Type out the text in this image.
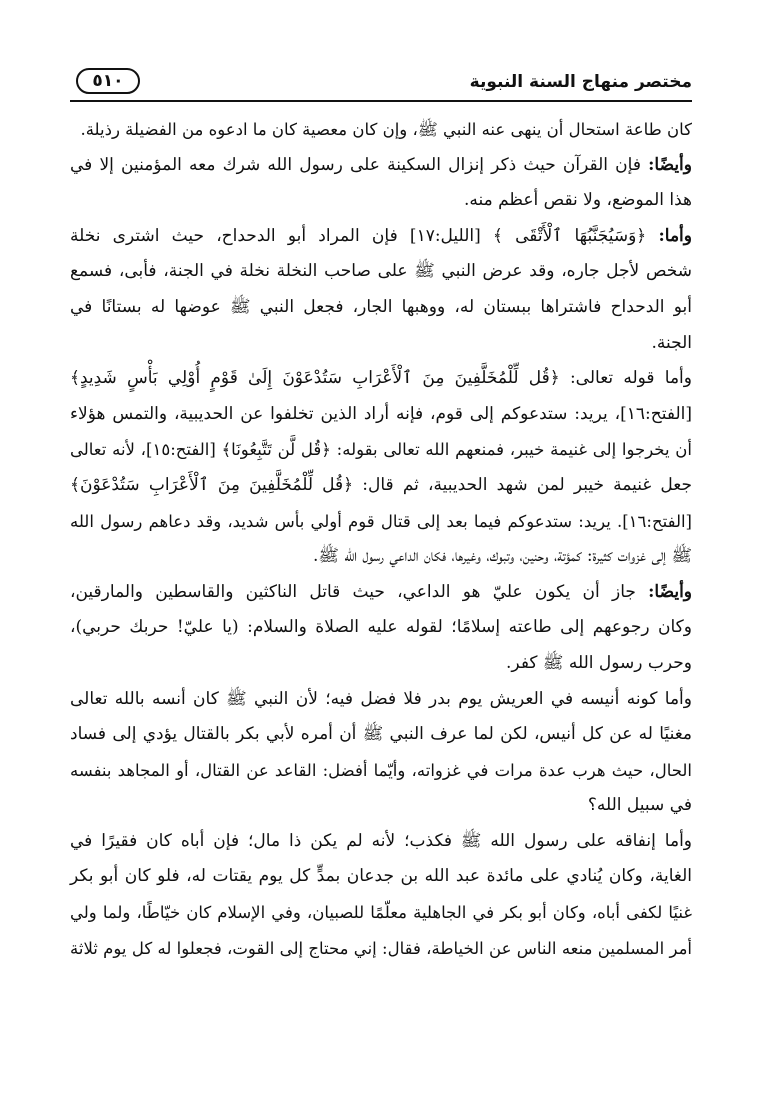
٥١٠	مختصر منهاج السنة النبوية

كان طاعة استحال أن ينهى عنه النبي ﷺ، وإن كان معصية كان ما ادعوه من الفضيلة رذيلة.

وأيضًا: فإن القرآن حيث ذكر إنزال السكينة على رسول الله شرك معه المؤمنين إلا في
هذا الموضع، ولا نقص أعظم منه.

وأما: ﴿وَسَيُجَنَّبُهَا ٱلْأَتْقَى ﴾ [الليل:١٧] فإن المراد أبو الدحداح، حيث اشترى نخلة
شخص لأجل جاره، وقد عرض النبي ﷺ على صاحب النخلة نخلة في الجنة، فأبى، فسمع
أبو الدحداح فاشتراها ببستان له، ووهبها الجار، فجعل النبي ﷺ عوضها له بستانًا في
الجنة.

وأما قوله تعالى: ﴿قُل لِّلْمُخَلَّفِينَ مِنَ ٱلْأَعْرَابِ سَتُدْعَوْنَ إِلَىٰ قَوْمٍ أُوْلِي بَأْسٍ شَدِيدٍ﴾
[الفتح:١٦]، يريد: ستدعوكم إلى قوم، فإنه أراد الذين تخلفوا عن الحديبية، والتمس هؤلاء
أن يخرجوا إلى غنيمة خيبر، فمنعهم الله تعالى بقوله: ﴿قُل لَّن تَتَّبِعُونَا﴾ [الفتح:١٥]، لأنه تعالى
جعل غنيمة خيبر لمن شهد الحديبية، ثم قال: ﴿قُل لِّلْمُخَلَّفِينَ مِنَ ٱلْأَعْرَابِ سَتُدْعَوْنَ﴾
[الفتح:١٦]. يريد: ستدعوكم فيما بعد إلى قتال قوم أولي بأس شديد، وقد دعاهم رسول الله
ﷺ إلى غزوات كثيرة: كمؤتة، وحنين، وتبوك، وغيرها، فكان الداعي رسول الله ﷺ.

وأيضًا: جاز أن يكون عليّ هو الداعي، حيث قاتل الناكثين والقاسطين والمارقين،
وكان رجوعهم إلى طاعته إسلامًا؛ لقوله عليه الصلاة والسلام: (يا عليّ! حربك حربي)،
وحرب رسول الله ﷺ كفر.

وأما كونه أنيسه في العريش يوم بدر فلا فضل فيه؛ لأن النبي ﷺ كان أنسه بالله تعالى
مغنيًا له عن كل أنيس، لكن لما عرف النبي ﷺ أن أمره لأبي بكر بالقتال يؤدي إلى فساد
الحال، حيث هرب عدة مرات في غزواته، وأيّما أفضل: القاعد عن القتال، أو المجاهد بنفسه
في سبيل الله؟

وأما إنفاقه على رسول الله ﷺ فكذب؛ لأنه لم يكن ذا مال؛ فإن أباه كان فقيرًا في
الغاية، وكان يُنادي على مائدة عبد الله بن جدعان بمدٍّ كل يوم يقتات له، فلو كان أبو بكر
غنيًا لكفى أباه، وكان أبو بكر في الجاهلية معلّمًا للصبيان، وفي الإسلام كان خيّاطًا، ولما ولي
أمر المسلمين منعه الناس عن الخياطة، فقال: إني محتاج إلى القوت، فجعلوا له كل يوم ثلاثة
